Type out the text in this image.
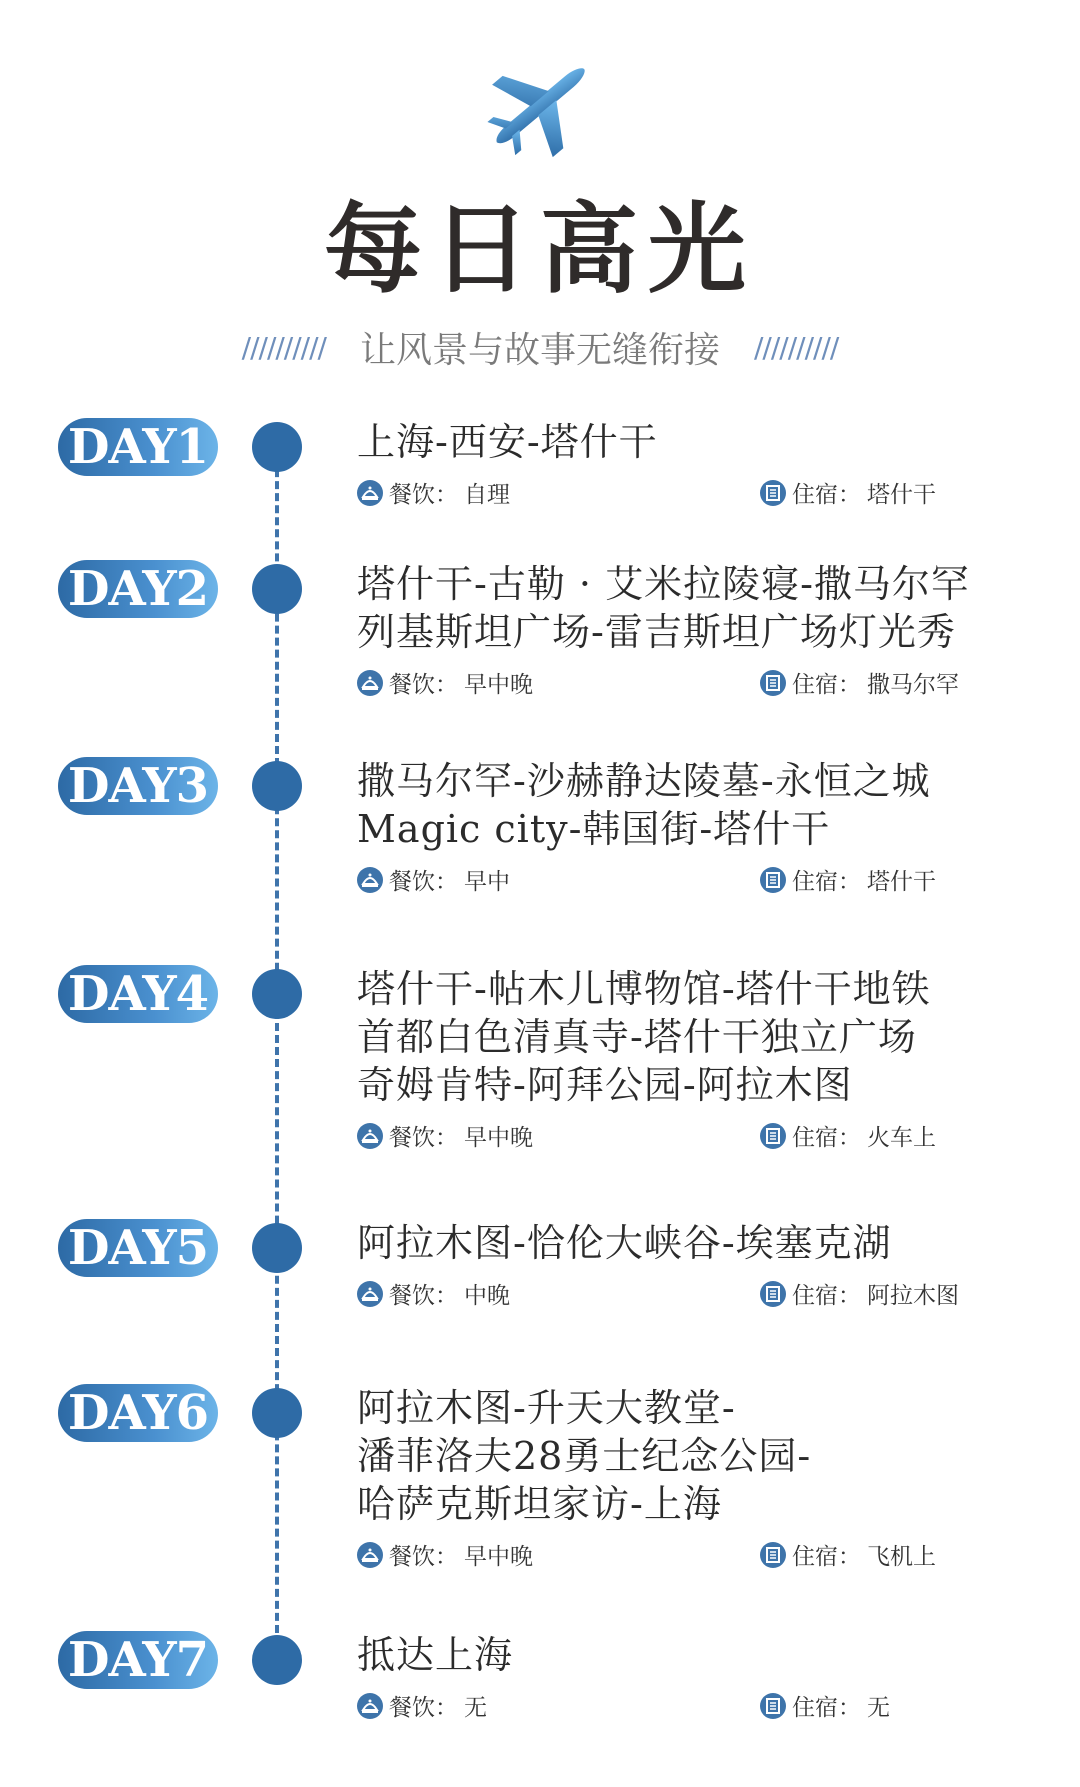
每日高光
////////// 让风景与故事无缝衔接 //////////
DAY1	上海-西安-塔什干
餐饮： 自理	住宿： 塔什干
DAY2	塔什干-古勒 · 艾米拉陵寝-撒马尔罕
列基斯坦广场-雷吉斯坦广场灯光秀
餐饮： 早中晚	住宿： 撒马尔罕
DAY3	撒马尔罕-沙赫静达陵墓-永恒之城
Magic city-韩国街-塔什干
餐饮： 早中	住宿： 塔什干
DAY4	塔什干-帖木儿博物馆-塔什干地铁
首都白色清真寺-塔什干独立广场
奇姆肯特-阿拜公园-阿拉木图
餐饮： 早中晚	住宿： 火车上
DAY5	阿拉木图-恰伦大峡谷-埃塞克湖
餐饮： 中晚	住宿： 阿拉木图
DAY6	阿拉木图-升天大教堂-
潘菲洛夫28勇士纪念公园-
哈萨克斯坦家访-上海
餐饮： 早中晚	住宿： 飞机上
DAY7	抵达上海
餐饮： 无	住宿： 无
